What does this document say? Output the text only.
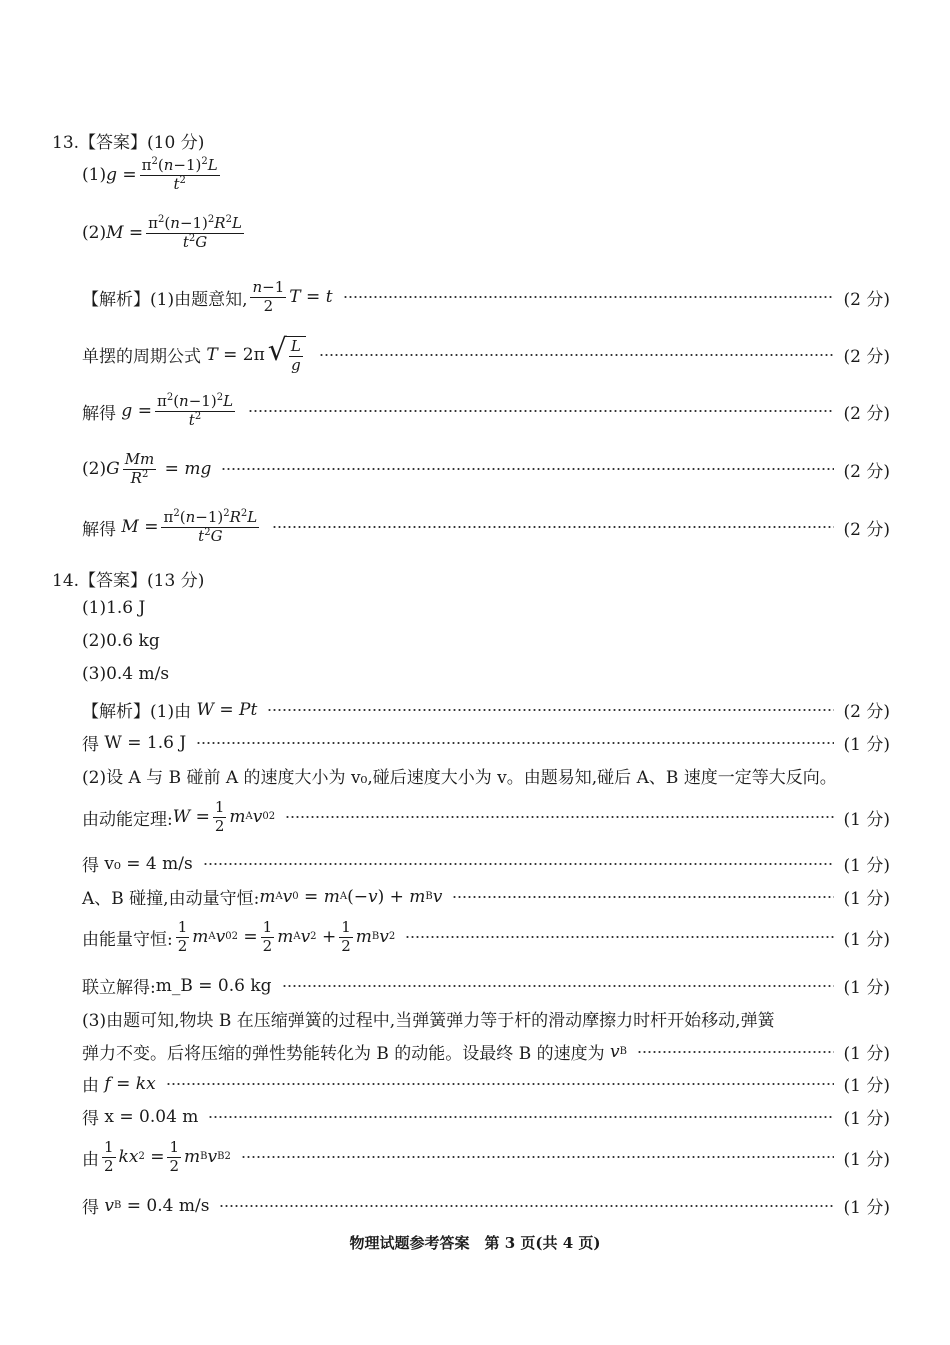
13.【答案】(10 分)
(1) $g = \frac{\pi^2(n-1)^2L}{t^2}$
(2) $M = \frac{\pi^2(n-1)^2R^2L}{t^2G}$
【解析】(1)由题意知, $\frac{n-1}{2}$ T = t	(2 分)
单摆的周期公式
T = 2π √ $\frac{L}{g}$	(2 分)
解得
$g = \frac{\pi^2(n-1)^2L}{t^2}$	(2 分)
(2) G $\frac{Mm}{R^2}$ = mg	(2 分)
解得
$M = \frac{\pi^2(n-1)^2R^2L}{t^2G}$	(2 分)
14.【答案】(13 分)
(1)1.6 J
(2)0.6 kg
(3)0.4 m/s
【解析】(1)由
W = Pt	(2 分)
得
W = 1.6 J	(1 分)
(2)设 A 与 B 碰前 A 的速度大小为 v₀,碰后速度大小为 v。由题易知,碰后 A、B 速度一定等大反向。
由动能定理: $W = \frac{1}{2}$ m A v 0 2	(1 分)
得
v₀ = 4 m/s	(1 分)
A、B 碰撞,由动量守恒: m A v 0 = m A (− v ) + m B v	(1 分)
由能量守恒: $\frac{1}{2}$ m A v 0 $2 = \frac{1}{2}$ m A v $2 + \frac{1}{2}$ m B v 2	(1 分)
联立解得: m_B = 0.6 kg	(1 分)
(3)由题可知,物块 B 在压缩弹簧的过程中,当弹簧弹力等于杆的滑动摩擦力时杆开始移动,弹簧
弹力不变。后将压缩的弹性势能转化为 B 的动能。设最终 B 的速度为
v B	(1 分)
由
f = kx	(1 分)
得
x = 0.04 m	(1 分)
由 $\frac{1}{2}$ kx $2 = \frac{1}{2}$ m B v B 2	(1 分)
得
v B
= 0.4 m/s	(1 分)
物理试题参考答案　第 3 页(共 4 页)
